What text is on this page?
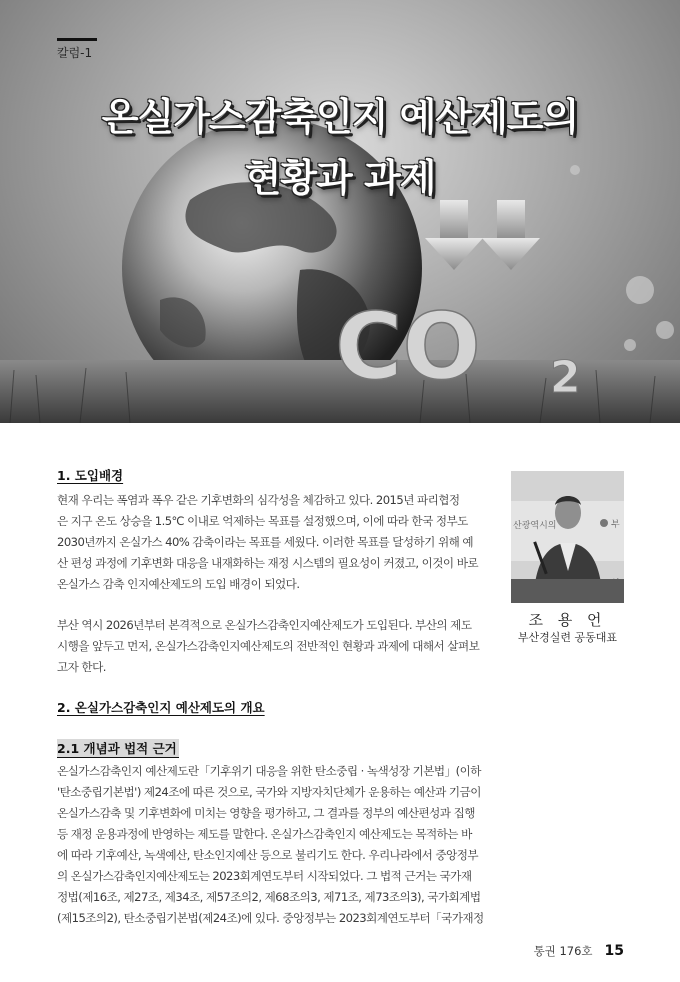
CO 2
칼럼-1
온실가스감축인지 예산제도의
현황과 과제
산광역시의	부
조 용 언
부산경실련 공동대표
1. 도입배경
현재 우리는 폭염과 폭우 같은 기후변화의 심각성을 체감하고 있다. 2015년 파리협정
은 지구 온도 상승을 1.5℃ 이내로 억제하는 목표를 설정했으며, 이에 따라 한국 정부도
2030년까지 온실가스 40% 감축이라는 목표를 세웠다. 이러한 목표를 달성하기 위해 예
산 편성 과정에 기후변화 대응을 내재화하는 재정 시스템의 필요성이 커졌고, 이것이 바로
온실가스 감축 인지예산제도의 도입 배경이 되었다.
부산 역시 2026년부터 본격적으로 온실가스감축인지예산제도가 도입된다. 부산의 제도
시행을 앞두고 먼저, 온실가스감축인지예산제도의 전반적인 현황과 과제에 대해서 살펴보
고자 한다.
2. 온실가스감축인지 예산제도의 개요
2.1 개념과 법적 근거
온실가스감축인지 예산제도란「기후위기 대응을 위한 탄소중립 · 녹색성장 기본법」(이하
'탄소중립기본법') 제24조에 따른 것으로, 국가와 지방자치단체가 운용하는 예산과 기금이
온실가스감축 및 기후변화에 미치는 영향을 평가하고, 그 결과를 정부의 예산편성과 집행
등 재정 운용과정에 반영하는 제도를 말한다. 온실가스감축인지 예산제도는 목적하는 바
에 따라 기후예산, 녹색예산, 탄소인지예산 등으로 불리기도 한다. 우리나라에서 중앙정부
의 온실가스감축인지예산제도는 2023회계연도부터 시작되었다. 그 법적 근거는 국가재
정법(제16조, 제27조, 제34조, 제57조의2, 제68조의3, 제71조, 제73조의3), 국가회계법
(제15조의2), 탄소중립기본법(제24조)에 있다. 중앙정부는 2023회계연도부터「국가재정
통권 176호 15
